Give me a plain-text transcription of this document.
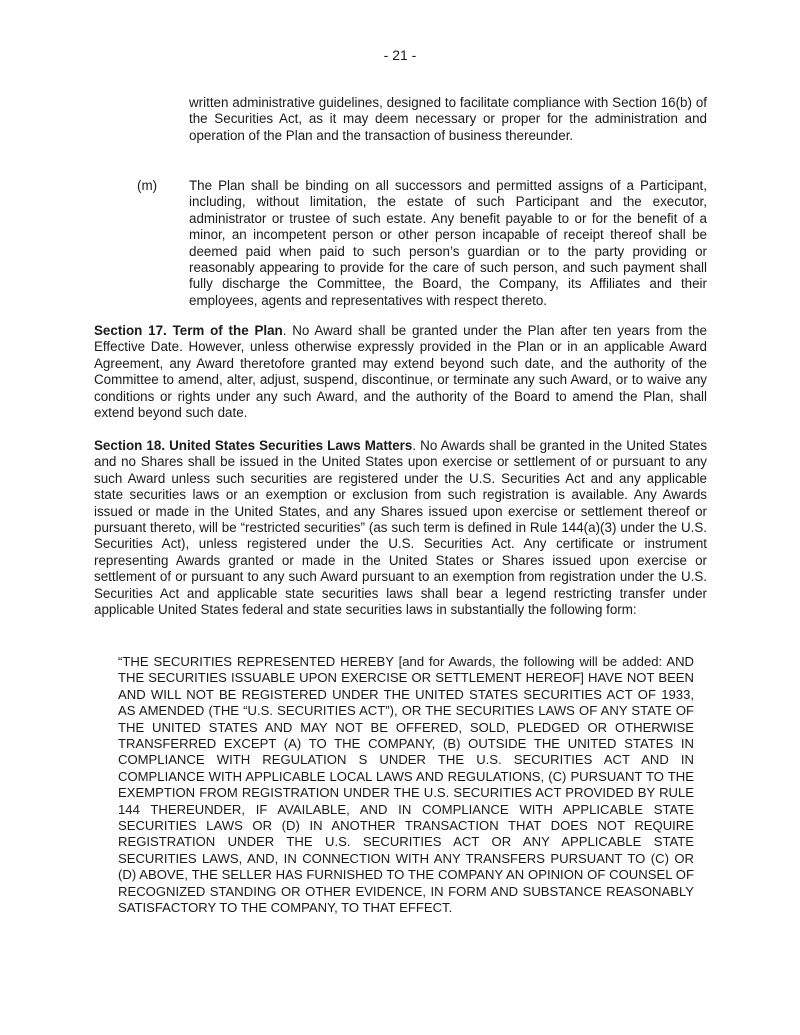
- 21 -

written administrative guidelines, designed to facilitate compliance with Section 16(b) of the Securities Act, as it may deem necessary or proper for the administration and operation of the Plan and the transaction of business thereunder.

(m) The Plan shall be binding on all successors and permitted assigns of a Participant, including, without limitation, the estate of such Participant and the executor, administrator or trustee of such estate. Any benefit payable to or for the benefit of a minor, an incompetent person or other person incapable of receipt thereof shall be deemed paid when paid to such person’s guardian or to the party providing or reasonably appearing to provide for the care of such person, and such payment shall fully discharge the Committee, the Board, the Company, its Affiliates and their employees, agents and representatives with respect thereto.

Section 17. Term of the Plan. No Award shall be granted under the Plan after ten years from the Effective Date. However, unless otherwise expressly provided in the Plan or in an applicable Award Agreement, any Award theretofore granted may extend beyond such date, and the authority of the Committee to amend, alter, adjust, suspend, discontinue, or terminate any such Award, or to waive any conditions or rights under any such Award, and the authority of the Board to amend the Plan, shall extend beyond such date.

Section 18. United States Securities Laws Matters. No Awards shall be granted in the United States and no Shares shall be issued in the United States upon exercise or settlement of or pursuant to any such Award unless such securities are registered under the U.S. Securities Act and any applicable state securities laws or an exemption or exclusion from such registration is available. Any Awards issued or made in the United States, and any Shares issued upon exercise or settlement thereof or pursuant thereto, will be “restricted securities” (as such term is defined in Rule 144(a)(3) under the U.S. Securities Act), unless registered under the U.S. Securities Act. Any certificate or instrument representing Awards granted or made in the United States or Shares issued upon exercise or settlement of or pursuant to any such Award pursuant to an exemption from registration under the U.S. Securities Act and applicable state securities laws shall bear a legend restricting transfer under applicable United States federal and state securities laws in substantially the following form:

“THE SECURITIES REPRESENTED HEREBY [and for Awards, the following will be added: AND THE SECURITIES ISSUABLE UPON EXERCISE OR SETTLEMENT HEREOF] HAVE NOT BEEN AND WILL NOT BE REGISTERED UNDER THE UNITED STATES SECURITIES ACT OF 1933, AS AMENDED (THE “U.S. SECURITIES ACT”), OR THE SECURITIES LAWS OF ANY STATE OF THE UNITED STATES AND MAY NOT BE OFFERED, SOLD, PLEDGED OR OTHERWISE TRANSFERRED EXCEPT (A) TO THE COMPANY, (B) OUTSIDE THE UNITED STATES IN COMPLIANCE WITH REGULATION S UNDER THE U.S. SECURITIES ACT AND IN COMPLIANCE WITH APPLICABLE LOCAL LAWS AND REGULATIONS, (C) PURSUANT TO THE EXEMPTION FROM REGISTRATION UNDER THE U.S. SECURITIES ACT PROVIDED BY RULE 144 THEREUNDER, IF AVAILABLE, AND IN COMPLIANCE WITH APPLICABLE STATE SECURITIES LAWS OR (D) IN ANOTHER TRANSACTION THAT DOES NOT REQUIRE REGISTRATION UNDER THE U.S. SECURITIES ACT OR ANY APPLICABLE STATE SECURITIES LAWS, AND, IN CONNECTION WITH ANY TRANSFERS PURSUANT TO (C) OR (D) ABOVE, THE SELLER HAS FURNISHED TO THE COMPANY AN OPINION OF COUNSEL OF RECOGNIZED STANDING OR OTHER EVIDENCE, IN FORM AND SUBSTANCE REASONABLY SATISFACTORY TO THE COMPANY, TO THAT EFFECT.
